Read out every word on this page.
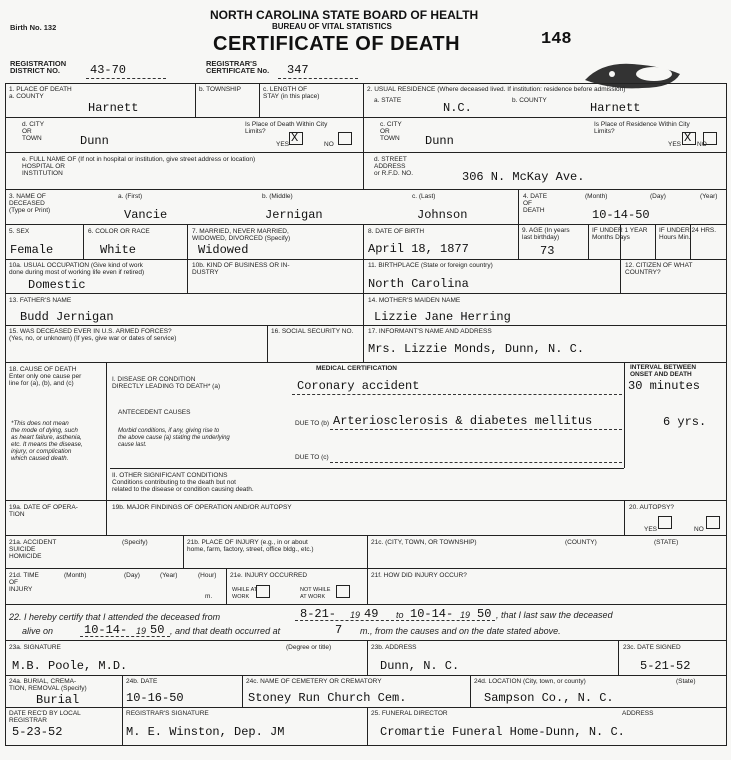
Birth No. 132
NORTH CAROLINA STATE BOARD OF HEALTH
BUREAU OF VITAL STATISTICS
CERTIFICATE OF DEATH	148
REGISTRATION
DISTRICT NO.	43-70	REGISTRAR'S
CERTIFICATE No. 347
1. PLACE OF DEATH
a. COUNTY
Harnett
b. TOWNSHIP	c. LENGTH OF
STAY (in this place)
2. USUAL RESIDENCE (Where deceased lived. If institution: residence before admission)
a. STATE
N.C.
b. COUNTY
Harnett
d. CITY
OR
TOWN	Dunn
Is Place of Death Within City
Limits?
YES X	NO
c. CITY
OR
TOWN Dunn
Is Place of Residence Within City
Limits?
YES X NO
e. FULL NAME OF (If not in hospital or institution, give street address or location)
HOSPITAL OR
INSTITUTION
d. STREET
ADDRESS
or R.F.D. NO.	306 N. McKay Ave.
3. NAME OF
DECEASED
(Type or Print)
a. (First)
Vancie
b. (Middle)
Jernigan
c. (Last)
Johnson
4. DATE
OF
DEATH
(Month)	(Day)	(Year)
10-14-50
5. SEX
Female
6. COLOR OR RACE
White
7. MARRIED, NEVER MARRIED,
WIDOWED, DIVORCED (Specify)
Widowed
8. DATE OF BIRTH
April 18, 1877
9. AGE (In years
last birthday)
73
IF UNDER 1 YEAR
Months Days
IF UNDER 24 HRS.
Hours Min.
10a. USUAL OCCUPATION (Give kind of work
done during most of working life even if retired)
Domestic
10b. KIND OF BUSINESS OR IN-
DUSTRY
11. BIRTHPLACE (State or foreign country)
North Carolina
12. CITIZEN OF WHAT
COUNTRY?
13. FATHER'S NAME
Budd Jernigan
14. MOTHER'S MAIDEN NAME
Lizzie Jane Herring
15. WAS DECEASED EVER IN U.S. ARMED FORCES?
(Yes, no, or unknown) (If yes, give war or dates of service)
16. SOCIAL SECURITY NO. 17. INFORMANT'S NAME AND ADDRESS
Mrs. Lizzie Monds, Dunn, N. C.
MEDICAL CERTIFICATION
18. CAUSE OF DEATH
Enter only one cause per
line for (a), (b), and (c)
*This does not mean
the mode of dying, such
as heart failure, asthenia,
etc. It means the disease,
injury, or complication
which caused death.
I. DISEASE OR CONDITION
DIRECTLY LEADING TO DEATH* (a)	Coronary accident
ANTECEDENT CAUSES
Morbid conditions, if any, giving rise to
the above cause (a) stating the underlying
cause last.
DUE TO (b) Arteriosclerosis & diabetes mellitus	6 yrs.
DUE TO (c)
INTERVAL BETWEEN
ONSET AND DEATH
30 minutes
II. OTHER SIGNIFICANT CONDITIONS
Conditions contributing to the death but not
related to the disease or condition causing death.
19a. DATE OF OPERA-
TION
19b. MAJOR FINDINGS OF OPERATION AND/OR AUTOPSY	20. AUTOPSY?
YES	NO
21a. ACCIDENT
SUICIDE
HOMICIDE
(Specify)	21b. PLACE OF INJURY (e.g., in or about
home, farm, factory, street, office bldg., etc.)
21c. (CITY, TOWN, OR TOWNSHIP)	(COUNTY)	(STATE)
21d. TIME
OF
INJURY
(Month)	(Day)	(Year)	(Hour)
m.
21e. INJURY OCCURRED
WHILE AT
WORK
NOT WHILE
AT WORK
21f. HOW DID INJURY OCCUR?
22. I hereby certify that I attended the deceased from	8-21- 19 49 to 10-14- 19 50 , that I last saw the deceased
alive on	10-14- 19 50 , and that death occurred at	7 m., from the causes and on the date stated above.
23a. SIGNATURE	(Degree or title)
M.B. Poole, M.D.
23b. ADDRESS
Dunn, N. C.
23c. DATE SIGNED
5-21-52
24a. BURIAL, CREMA-
TION, REMOVAL (Specify)
Burial
24b. DATE
10-16-50
24c. NAME OF CEMETERY OR CREMATORY
Stoney Run Church Cem.
24d. LOCATION (City, town, or county)	(State)
Sampson Co., N. C.
DATE REC'D BY LOCAL
REGISTRAR
5-23-52
REGISTRAR'S SIGNATURE
M. E. Winston, Dep. JM
25. FUNERAL DIRECTOR	ADDRESS
Cromartie Funeral Home-Dunn, N. C.
